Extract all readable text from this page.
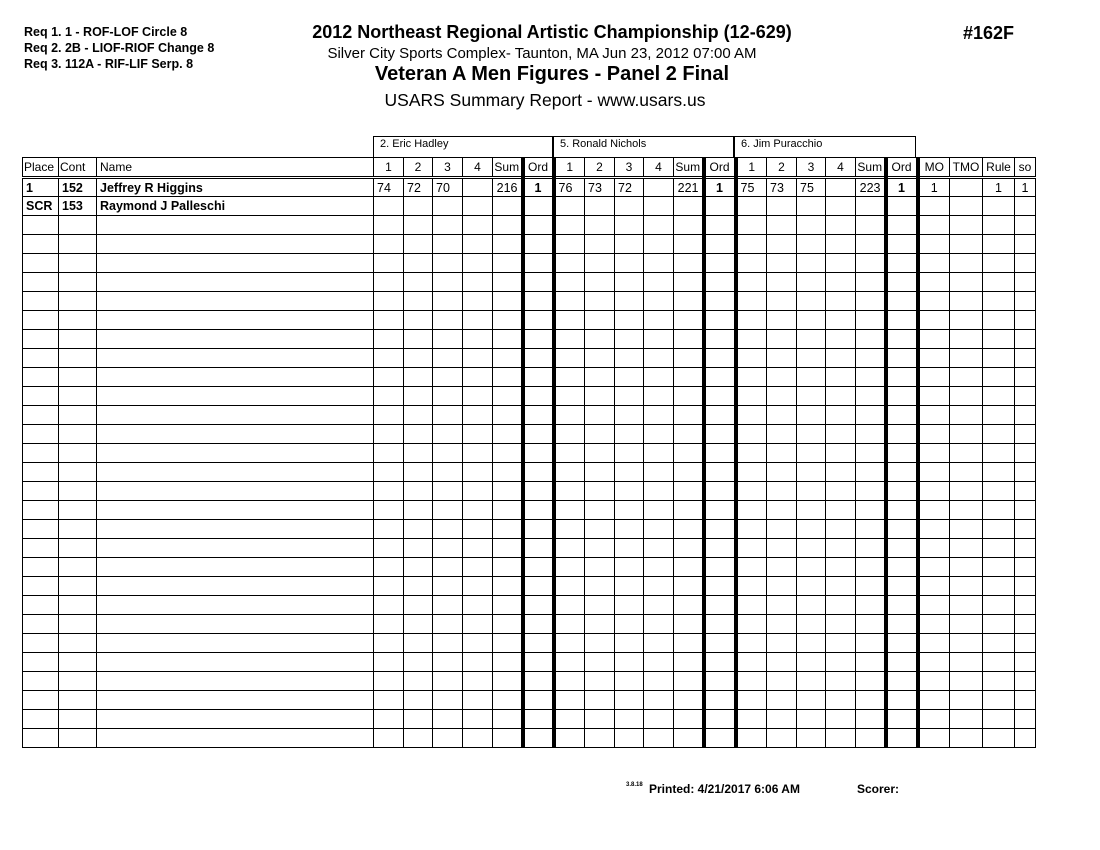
Req 1. 1 - ROF-LOF Circle 8
Req 2. 2B - LIOF-RIOF Change 8
Req 3. 112A - RIF-LIF Serp. 8
2012 Northeast Regional Artistic Championship (12-629)
Silver City Sports Complex- Taunton, MA Jun 23, 2012 07:00 AM
Veteran A Men Figures - Panel 2 Final
USARS Summary Report - www.usars.us
#162F
2. Eric Hadley	5. Ronald Nichols	6. Jim Puracchio
Place	Cont	Name	1	2	3	4	Sum	Ord	1	2	3	4	Sum	Ord	1	2	3	4	Sum	Ord	MO	TMO	Rule	so
1	152	Jeffrey R Higgins	74	72	70		216	1	76	73	72		221	1	75	73	75		223	1	1		1	1
SCR	153	Raymond J Palleschi																						

3.8.18 Printed: 4/21/2017 6:06 AM	Scorer:
